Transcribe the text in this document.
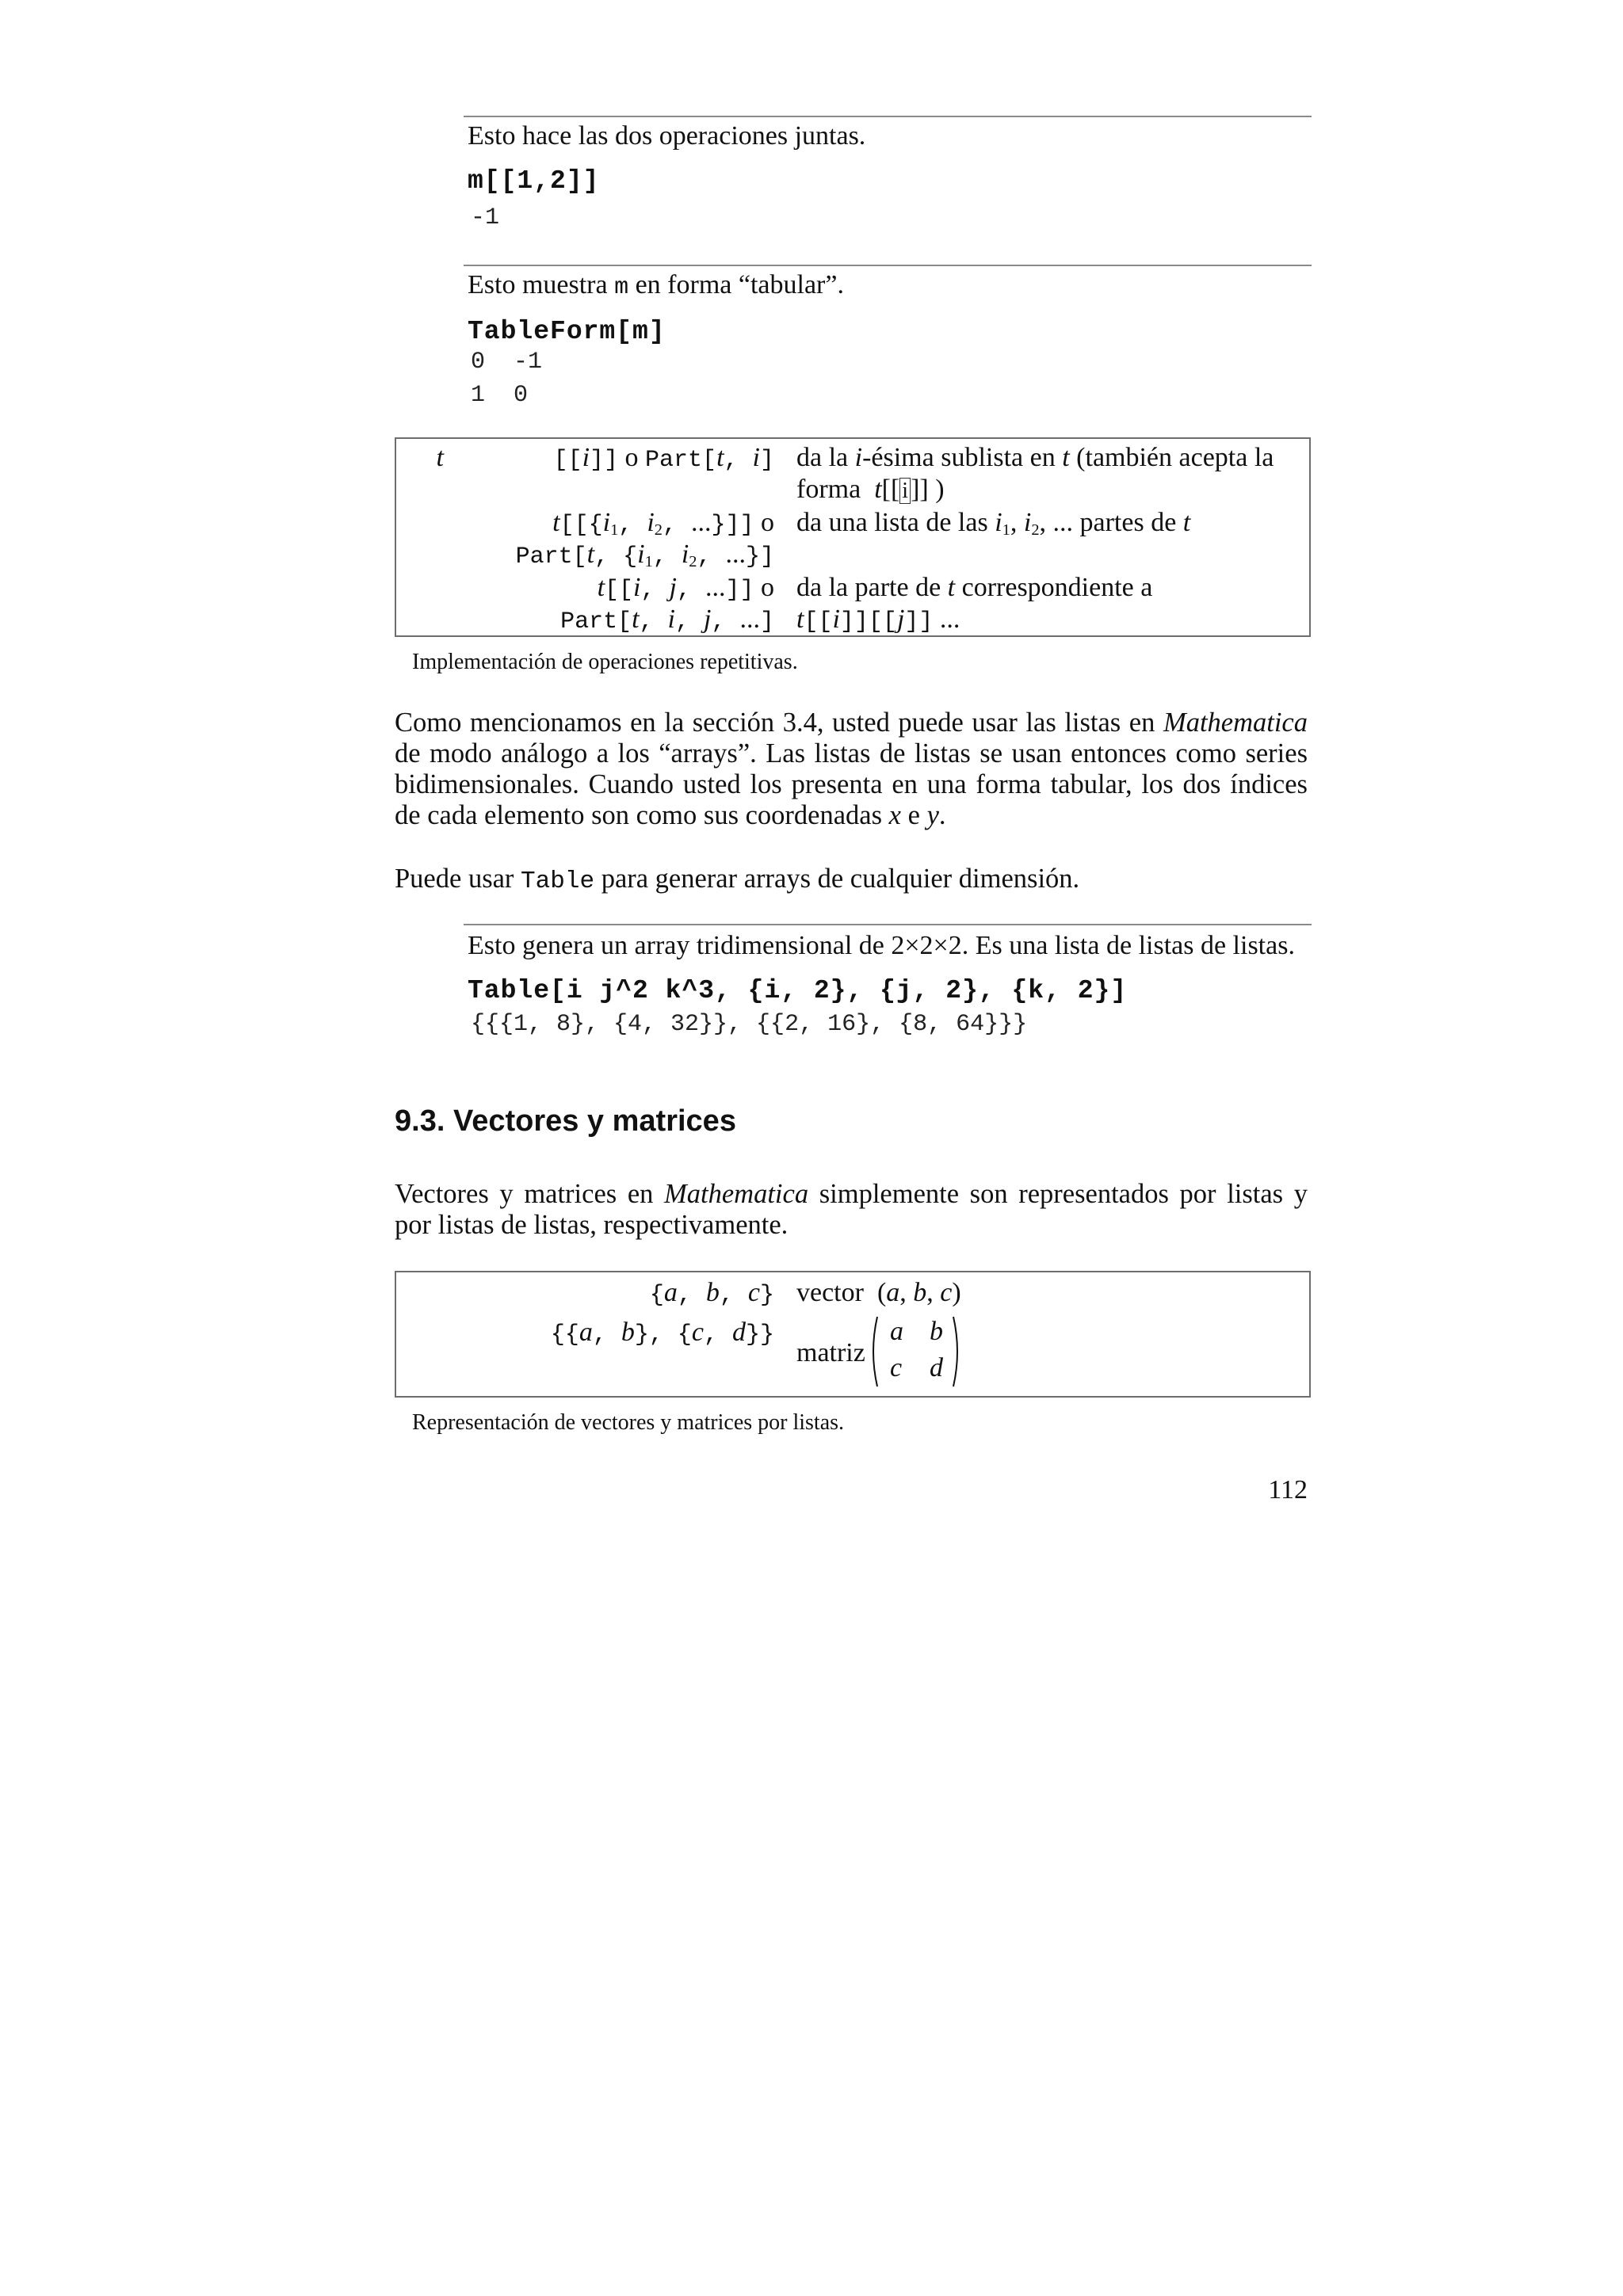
Esto hace las dos operaciones juntas.
m[[1,2]]
-1
Esto muestra m en forma “tabular”.
TableForm[m]
0  -1
1  0
[[i]] o Part[t, i]
t	da la i-ésima sublista en t (también acepta la
forma  t[[ i]] )
$t[[\{i_1$, $i_2$, ...}]] o
Part[t, {$i_1$, $i_2$, ...}]
da una lista de las $i_1$, $i_2$, ... partes de t
t[[i, j, ...]] o
Part[t, i, j, ...]
da la parte de t correspondiente a
t[[i]][[j]] ...
Implementación de operaciones repetitivas.
Como mencionamos en la sección 3.4, usted puede usar las listas en Mathematica
de modo análogo a los “arrays”. Las listas de listas se usan entonces como series
bidimensionales. Cuando usted los presenta en una forma tabular, los dos índices
de cada elemento son como sus coordenadas x e y.
Puede usar Table para generar arrays de cualquier dimensión.
Esto genera un array tridimensional de 2×2×2. Es una lista de listas de listas.
Table[i j^2 k^3, {i, 2}, {j, 2}, {k, 2}]
{{{1, 8}, {4, 32}}, {{2, 16}, {8, 64}}}
9.3. Vectores y matrices
Vectores y matrices en Mathematica simplemente son representados por listas y
por listas de listas, respectivamente.
{a, b, c} vector  (a, b, c)
{{a, b}, {c, d}}
matriz
a b
c d
Representación de vectores y matrices por listas.
112
